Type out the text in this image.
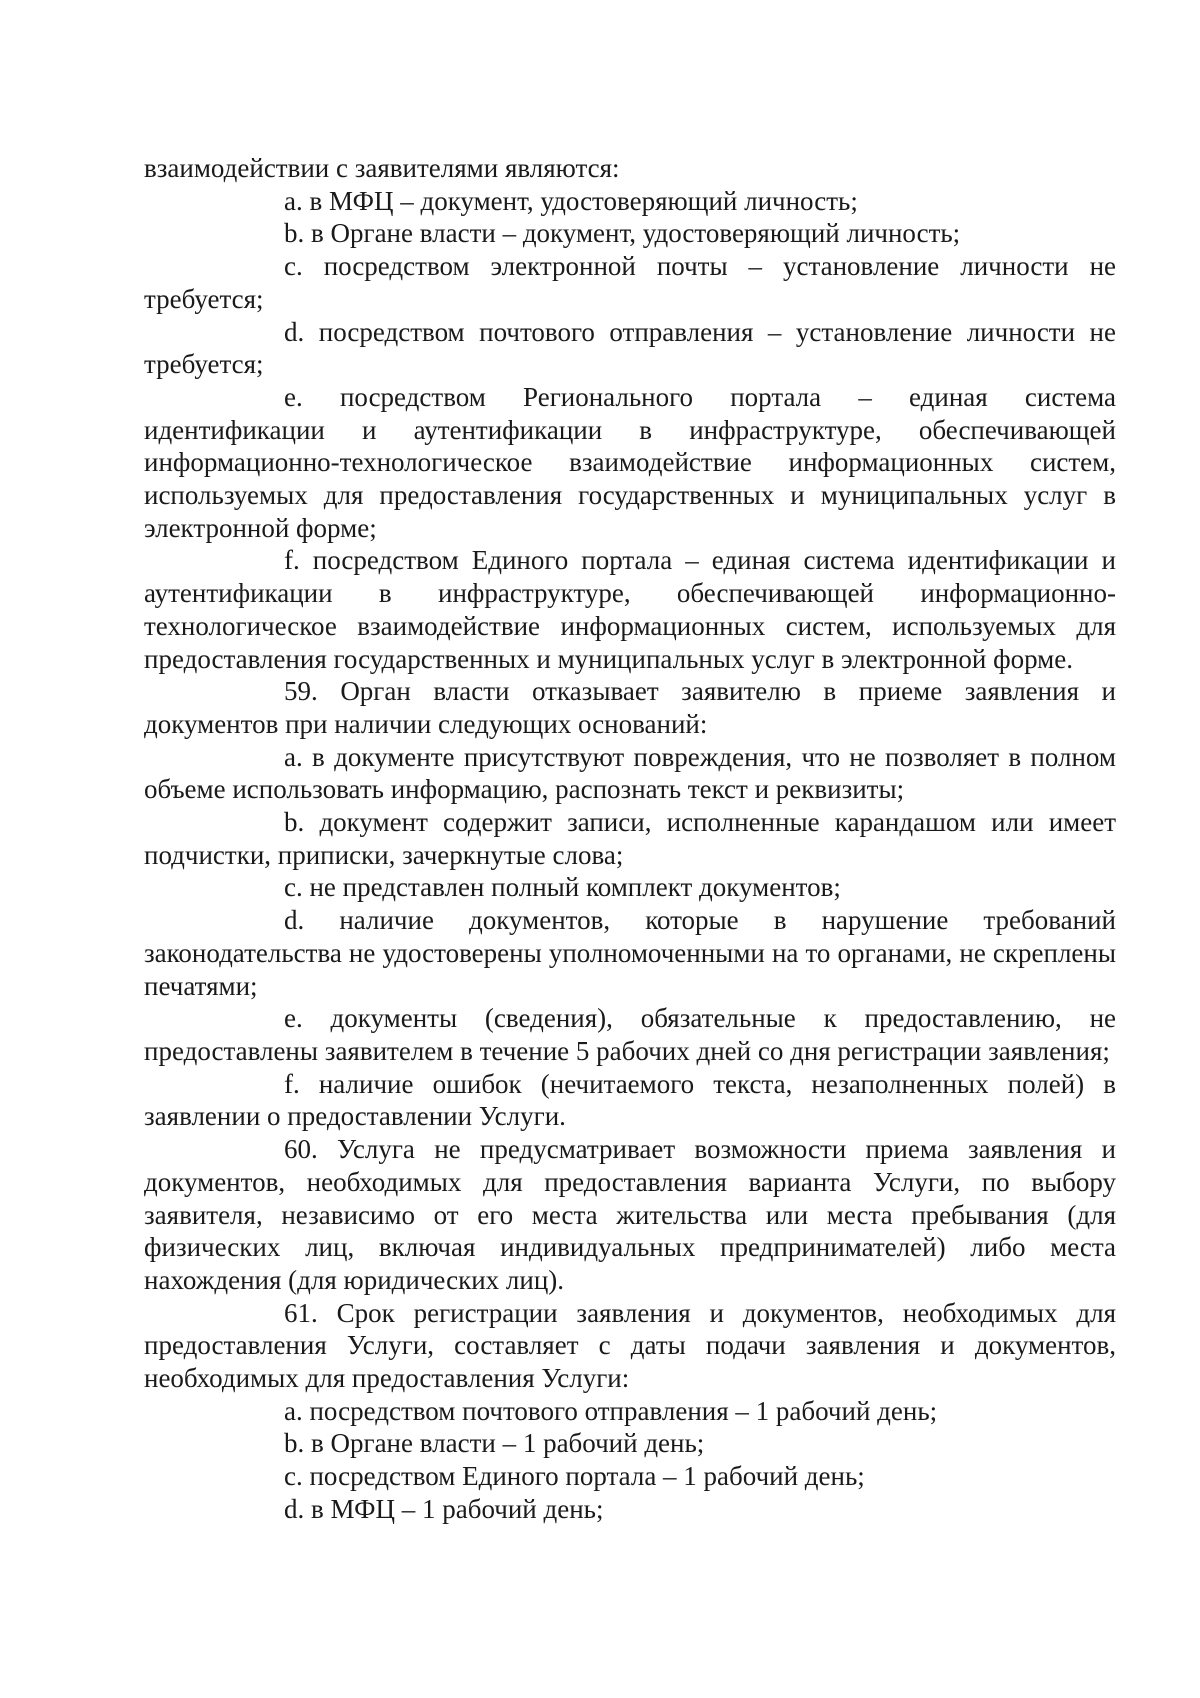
взаимодействии с заявителями являются:

a. в МФЦ – документ, удостоверяющий личность;

b. в Органе власти – документ, удостоверяющий личность;

c. посредством электронной почты – установление личности не требуется;

d. посредством почтового отправления – установление личности не требуется;

e. посредством Регионального портала – единая система идентификации и аутентификации в инфраструктуре, обеспечивающей информационно-технологическое взаимодействие информационных систем, используемых для предоставления государственных и муниципальных услуг в электронной форме;

f. посредством Единого портала – единая система идентификации и аутентификации в инфраструктуре, обеспечивающей информационно-технологическое взаимодействие информационных систем, используемых для предоставления государственных и муниципальных услуг в электронной форме.

59. Орган власти отказывает заявителю в приеме заявления и документов при наличии следующих оснований:

a. в документе присутствуют повреждения, что не позволяет в полном объеме использовать информацию, распознать текст и реквизиты;

b. документ содержит записи, исполненные карандашом или имеет подчистки, приписки, зачеркнутые слова;

c. не представлен полный комплект документов;

d. наличие документов, которые в нарушение требований законодательства не удостоверены уполномоченными на то органами, не скреплены печатями;

e. документы (сведения), обязательные к предоставлению, не предоставлены заявителем в течение 5 рабочих дней со дня регистрации заявления;

f. наличие ошибок (нечитаемого текста, незаполненных полей) в заявлении о предоставлении Услуги.

60. Услуга не предусматривает возможности приема заявления и документов, необходимых для предоставления варианта Услуги, по выбору заявителя, независимо от его места жительства или места пребывания (для физических лиц, включая индивидуальных предпринимателей) либо места нахождения (для юридических лиц).

61. Срок регистрации заявления и документов, необходимых для предоставления Услуги, составляет с даты подачи заявления и документов, необходимых для предоставления Услуги:

a. посредством почтового отправления – 1 рабочий день;

b. в Органе власти – 1 рабочий день;

c. посредством Единого портала – 1 рабочий день;

d. в МФЦ – 1 рабочий день;
